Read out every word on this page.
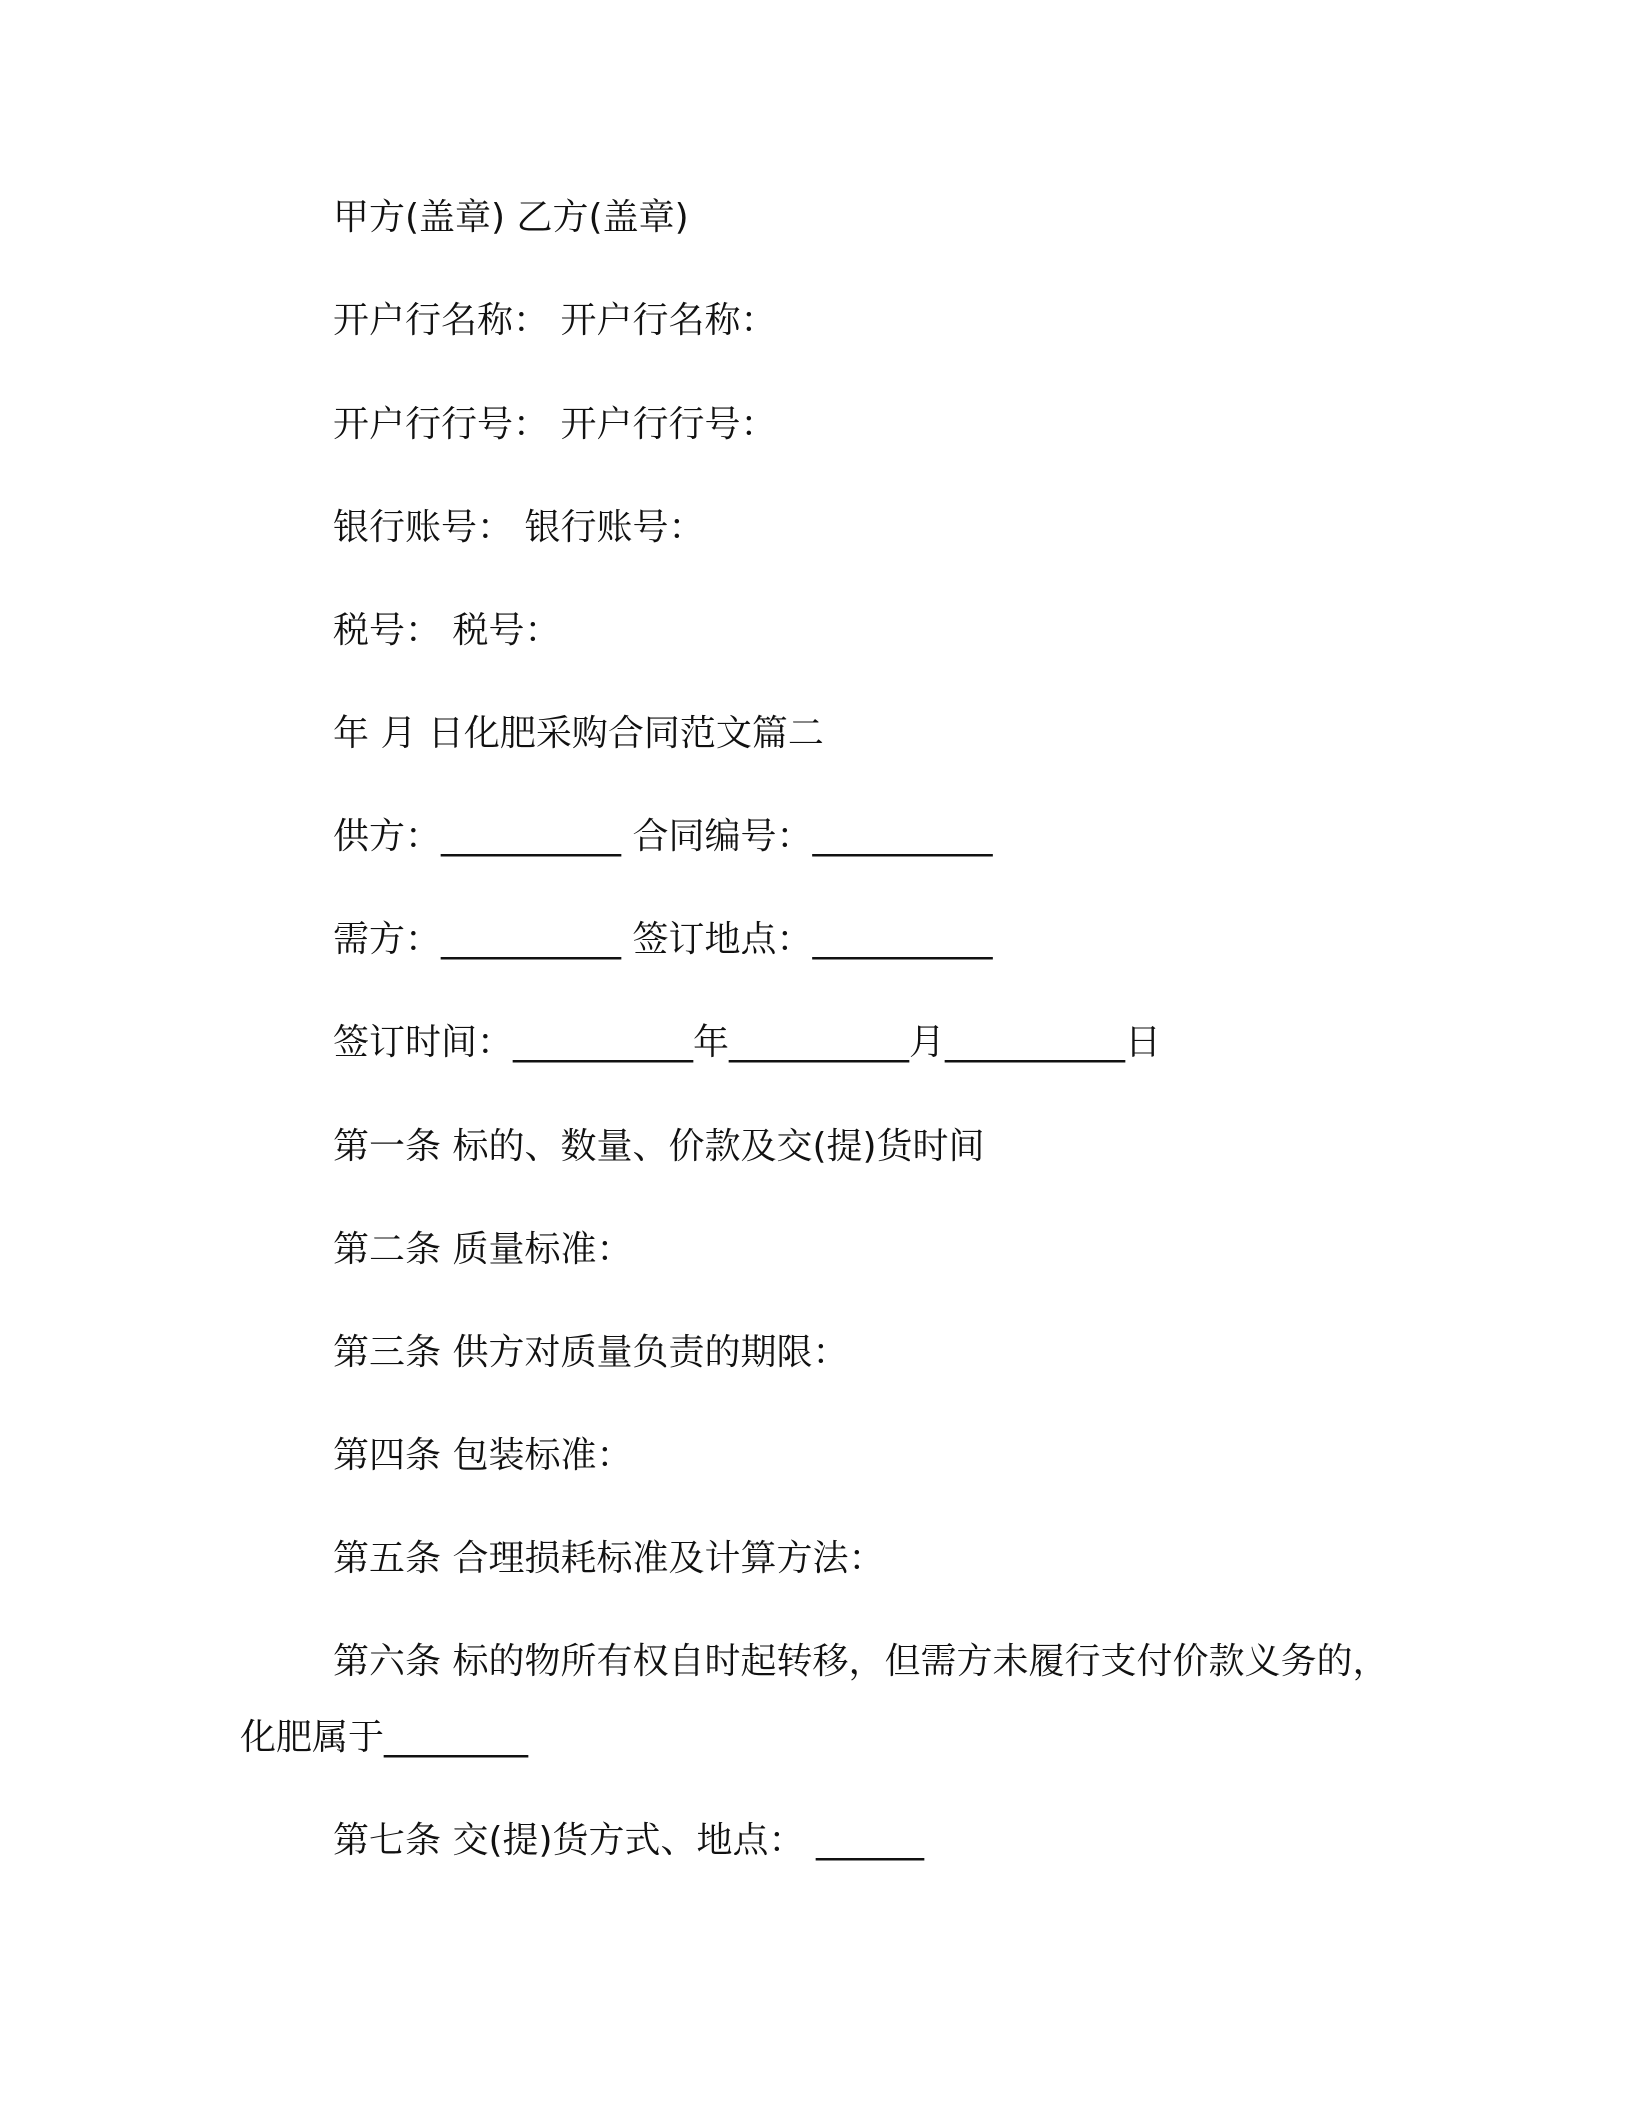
甲方(盖章) 乙方(盖章)
开户行名称： 开户行名称：
开户行行号： 开户行行号：
银行账号： 银行账号：
税号： 税号：
年 月 日化肥采购合同范文篇二
供方：__________ 合同编号：__________
需方：__________ 签订地点：__________
签订时间：__________年__________月__________日
第一条 标的、数量、价款及交(提)货时间
第二条 质量标准：
第三条 供方对质量负责的期限：
第四条 包装标准：
第五条 合理损耗标准及计算方法：
第六条 标的物所有权自时起转移，但需方未履行支付价款义务的，
化肥属于________
第七条 交(提)货方式、地点： ______
